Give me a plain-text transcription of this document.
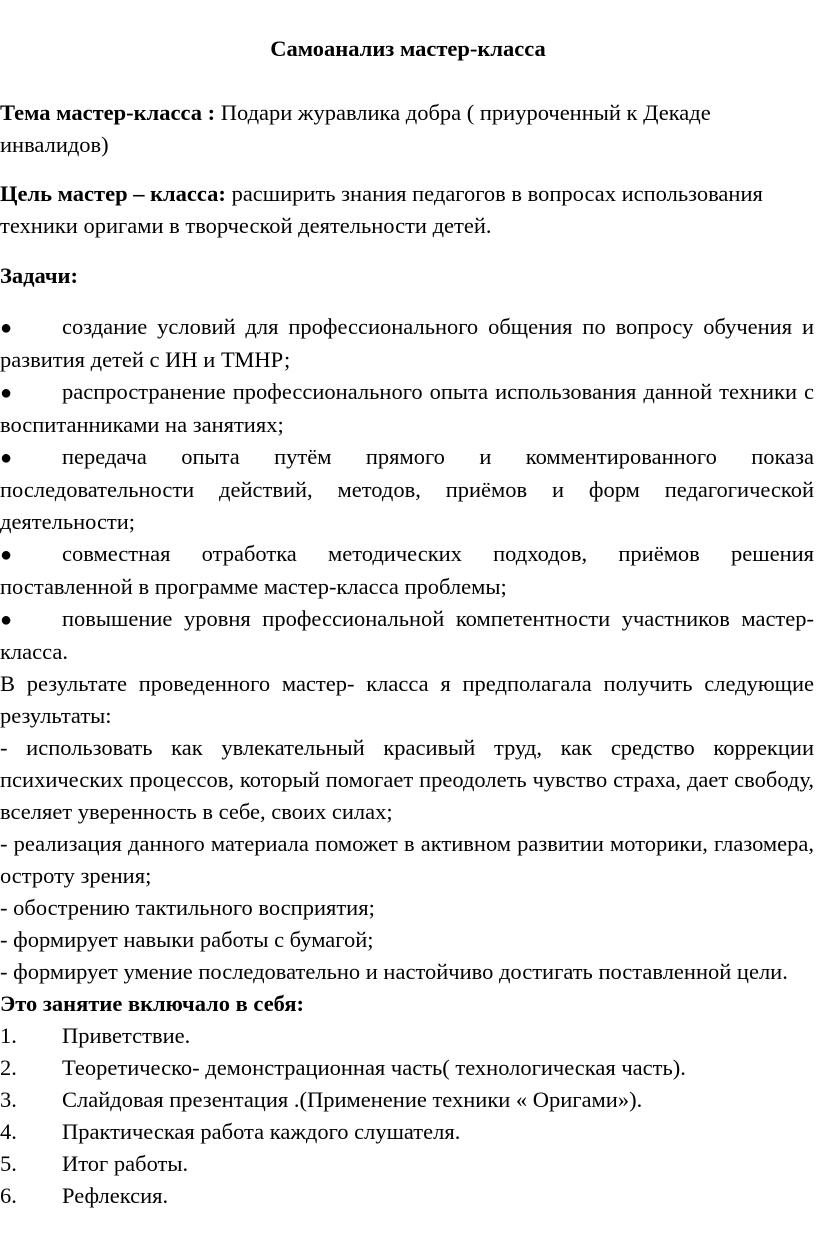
Самоанализ мастер-класса
Тема мастер-класса : Подари журавлика добра ( приуроченный к Декаде инвалидов)
Цель мастер – класса: расширить знания педагогов в вопросах использования техники оригами в творческой деятельности детей.
Задачи:

● создание условий для профессионального общения по вопросу обучения и развития детей с ИН и ТМНР;

● распространение профессионального опыта использования данной техники с воспитанниками на занятиях;

● передача опыта путём прямого и комментированного показа последовательности действий, методов, приёмов и форм педагогической деятельности;

● совместная отработка методических подходов, приёмов решения поставленной в программе мастер-класса проблемы;

● повышение уровня профессиональной компетентности участников мастер-класса.

В результате проведенного мастер- класса я предполагала получить следующие результаты:

- использовать как увлекательный красивый труд, как средство коррекции психических процессов, который помогает преодолеть чувство страха, дает свободу, вселяет уверенность в себе, своих силах;

- реализация данного материала поможет в активном развитии моторики, глазомера, остроту зрения;

- обострению тактильного восприятия;

- формирует навыки работы с бумагой;

- формирует умение последовательно и настойчиво достигать поставленной цели.

Это занятие включало в себя:

1. Приветствие.

2. Теоретическо- демонстрационная часть( технологическая часть).

3. Слайдовая презентация .(Применение техники « Оригами»).

4. Практическая работа каждого слушателя.

5. Итог работы.

6. Рефлексия.
